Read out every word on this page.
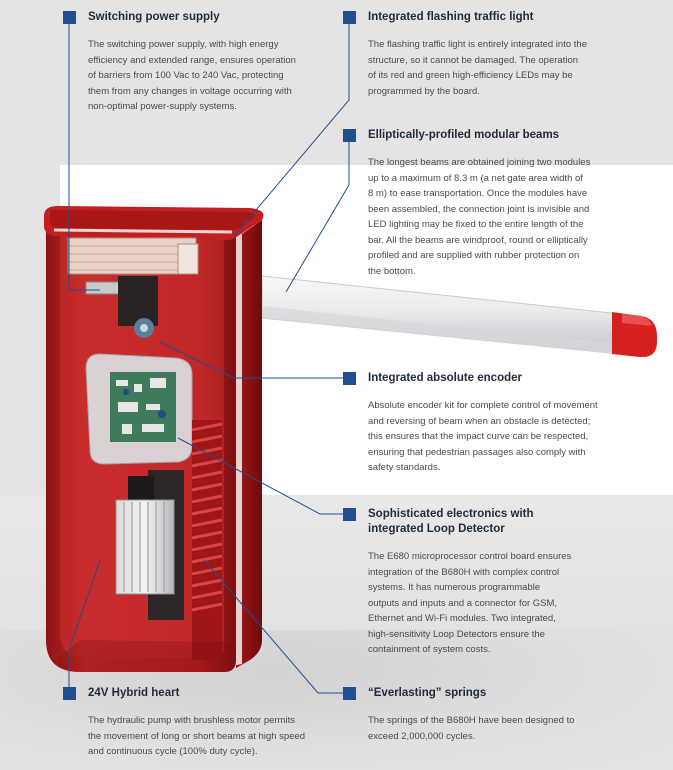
Switching power supply
The switching power supply, with high energy
efficiency and extended range, ensures operation
of barriers from 100 Vac to 240 Vac, protecting
them from any changes in voltage occurring with
non-optimal power-supply systems.
Integrated flashing traffic light
The flashing traffic light is entirely integrated into the
structure, so it cannot be damaged. The operation
of its red and green high-efficiency LEDs may be
programmed by the board.
Elliptically-profiled modular beams
The longest beams are obtained joining two modules
up to a maximum of 8.3 m (a net gate area width of
8 m) to ease transportation. Once the modules have
been assembled, the connection joint is invisible and
LED lighting may be fixed to the entire length of the
bar. All the beams are windproof, round or elliptically
profiled and are supplied with rubber protection on
the bottom.
Integrated absolute encoder
Absolute encoder kit for complete control of movement
and reversing of beam when an obstacle is detected;
this ensures that the impact curve can be respected,
ensuring that pedestrian passages also comply with
safety standards.
Sophisticated electronics with
integrated Loop Detector
The E680 microprocessor control board ensures
integration of the B680H with complex control
systems. It has numerous programmable
outputs and inputs and a connector for GSM,
Ethernet and Wi-Fi modules. Two integrated,
high-sensitivity Loop Detectors ensure the
containment of system costs.
24V Hybrid heart
The hydraulic pump with brushless motor permits
the movement of long or short beams at high speed
and continuous cycle (100% duty cycle).
“Everlasting” springs
The springs of the B680H have been designed to
exceed 2,000,000 cycles.
